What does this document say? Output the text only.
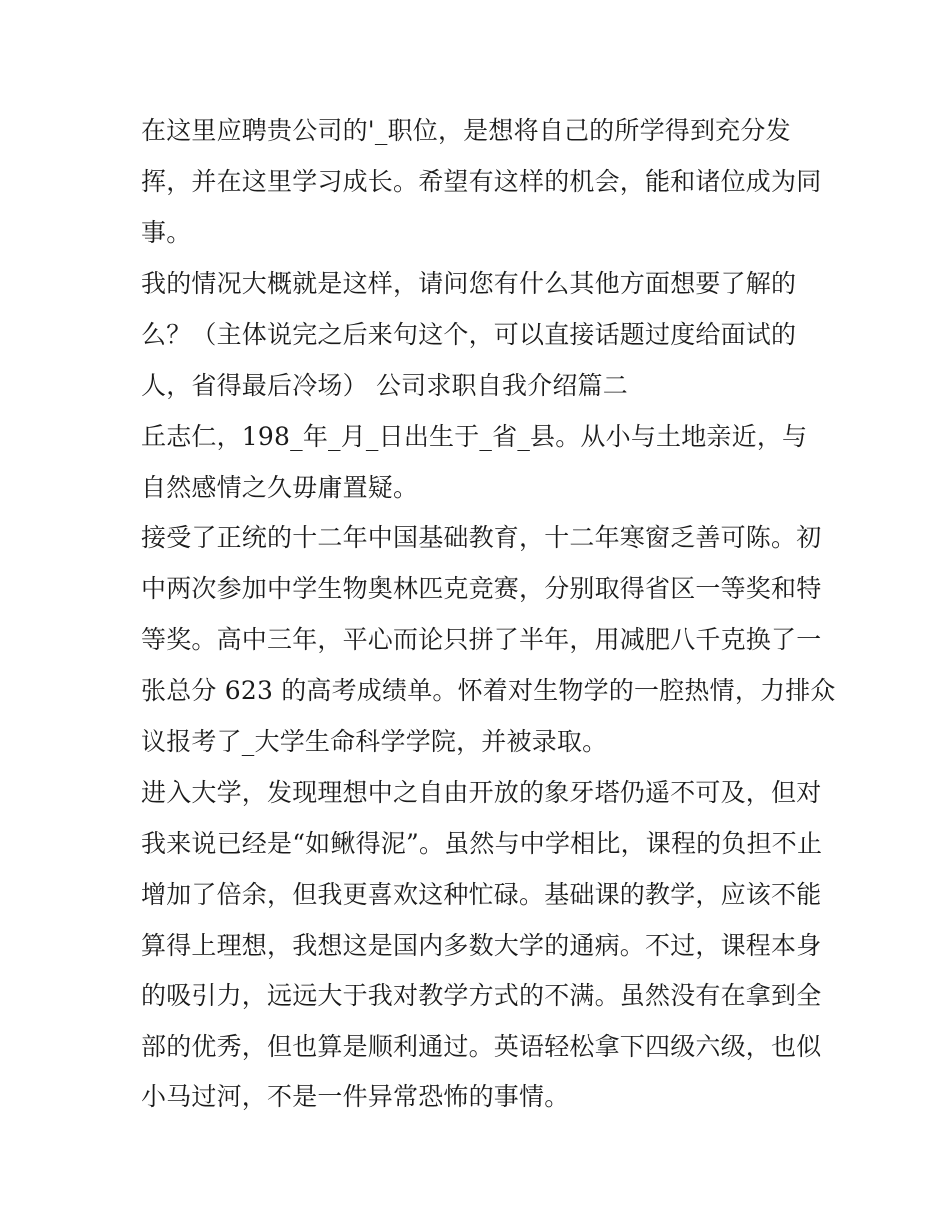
在这里应聘贵公司的'_职位，是想将自己的所学得到充分发
挥，并在这里学习成长。希望有这样的机会，能和诸位成为同
事。
我的情况大概就是这样，请问您有什么其他方面想要了解的
么？（主体说完之后来句这个，可以直接话题过度给面试的
人，省得最后冷场） 公司求职自我介绍篇二
丘志仁，198_年_月_日出生于_省_县。从小与土地亲近，与
自然感情之久毋庸置疑。
接受了正统的十二年中国基础教育，十二年寒窗乏善可陈。初
中两次参加中学生物奥林匹克竞赛，分别取得省区一等奖和特
等奖。高中三年，平心而论只拼了半年，用减肥八千克换了一
张总分 623 的高考成绩单。怀着对生物学的一腔热情，力排众
议报考了_大学生命科学学院，并被录取。
进入大学，发现理想中之自由开放的象牙塔仍遥不可及，但对
我来说已经是“如鳅得泥”。虽然与中学相比，课程的负担不止
增加了倍余，但我更喜欢这种忙碌。基础课的教学，应该不能
算得上理想，我想这是国内多数大学的通病。不过，课程本身
的吸引力，远远大于我对教学方式的不满。虽然没有在拿到全
部的优秀，但也算是顺利通过。英语轻松拿下四级六级，也似
小马过河，不是一件异常恐怖的事情。
